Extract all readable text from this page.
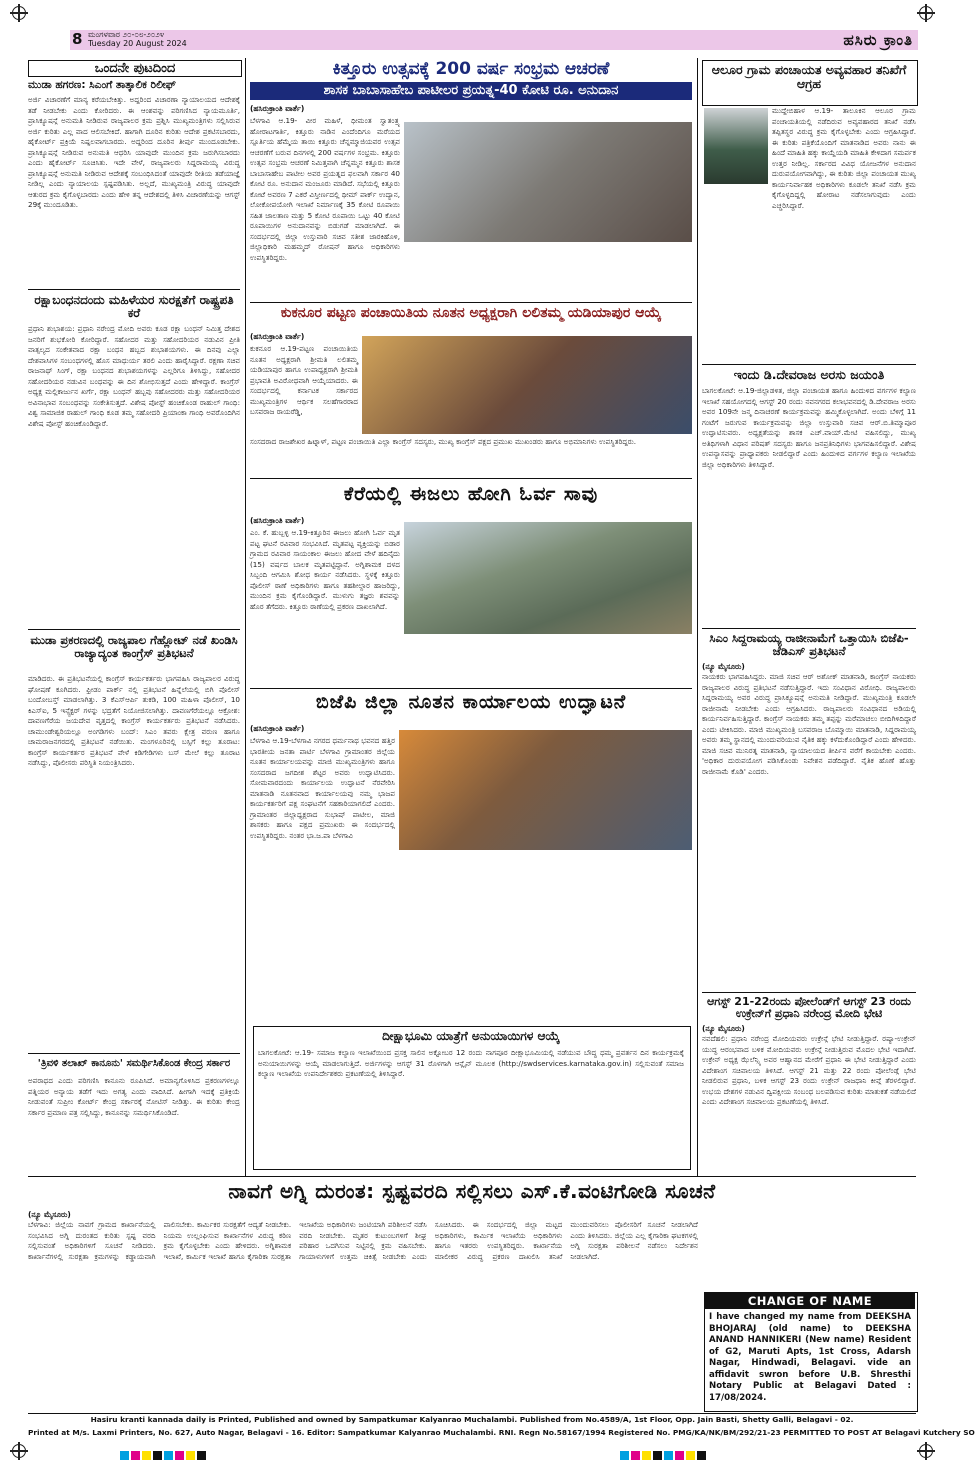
8 ಮಂಗಳವಾರ ೨೦-೦೮-೨೦೨೪
Tuesday 20 August 2024	ಹಸಿರು ಕ್ರಾಂತಿ
ಒಂದನೇ ಪುಟದಿಂದ
ಮುಡಾ ಹಗರಣ: ಸಿಎಂಗೆ ತಾತ್ಕಾಲಿಕ ರಿಲೀಫ್
ಅರ್ಜಿ ವಿಚಾರಣೆಗೆ ಮಾನ್ಯ ಕರೆಯಬೇಕಿತ್ತು. ಅದ್ದರಿಂದ ವಿಚಾರಣಾ ನ್ಯಾಯಾಲಯದ ಆದೇಶಕ್ಕೆ ತಡೆ ನೀಡಬೇಕು ಎಂದು ಕೋರಿದರು. ಈ ಆಂಶವನ್ನು ಪರಿಗಣಿಸಿದ ನ್ಯಾಯಮೂರ್ತಿ, ಪ್ರಾಸಿಕ್ಯೂಷನ್ಗೆ ಅನುಮತಿ ನೀಡಿರುವ ರಾಜ್ಯಪಾಲರ ಕ್ರಮ ಪ್ರಶ್ನಿಸಿ ಮುಖ್ಯಮಂತ್ರಿಗಳು ಸಲ್ಲಿಸಿರುವ ಅರ್ಜಿ ಕುರಿತು ಎಲ್ಲ ವಾದ ಆಲಿಸಬೇಕಿದೆ. ಹಾಗಾಗಿ ದೂರಿನ ಕುರಿತು ಆದೇಶ ಪ್ರಕಟಿಸಬಾರದು, ಹೈಕೋರ್ಟ್ ಪ್ರಕ್ರಿಯೆ ನಿಷ್ಪಲವಾಗಬಾರದು. ಅದ್ದರಿಂದ ದೂರಿನ ತೀರ್ಪು ಮುಂದೂಡಬೇಕು. ಪ್ರಾಸಿಕ್ಯೂಷನ್ಗೆ ನೀಡಿರುವ ಅನುಮತಿ ಆಧರಿಸಿ ಯಾವುದೇ ಮುಂದಿನ ಕ್ರಮ ಜರುಗಿಸಬಾರದು ಎಂದು ಹೈಕೋರ್ಟ್ ಸೂಚಿಸಿತು. ಇದೇ ವೇಳೆ, ರಾಜ್ಯಪಾಲರು ಸಿದ್ದರಾಮಯ್ಯ ವಿರುದ್ಧ ಪ್ರಾಸಿಕ್ಯೂಷನ್ಗೆ ಅನುಮತಿ ನೀಡಿರುವ ಆದೇಶಕ್ಕೆ ಸಂಬಂಧಿಸಿದಂತೆ ಯಾವುದೇ ರೀತಿಯ ತಡೆಯಾಜ್ಞೆ ನೀಡಿಲ್ಲ ಎಂದು ನ್ಯಾಯಾಲಯ ಸ್ಪಷ್ಟಪಡಿಸಿತು. ಅಲ್ಲದೆ, ಮುಖ್ಯಮಂತ್ರಿ ವಿರುದ್ಧ ಯಾವುದೇ ಆತುರದ ಕ್ರಮ ಕೈಗೊಳ್ಳಬಾರದು ಎಂದು ಹೇಳಿ ತನ್ನ ಆದೇಶದಲ್ಲಿ ತಿಳಿಸಿ ವಿಚಾರಣೆಯನ್ನು ಆಗಸ್ಟ್ 29ಕ್ಕೆ ಮುಂದೂಡಿತು.
ರಕ್ಷಾಬಂಧನದಂದು ಮಹಿಳೆಯರ ಸುರಕ್ಷತೆಗೆ ರಾಷ್ಟ್ರಪತಿ ಕರೆ
ಪ್ರಧಾನಿ ಶುಭಾಶಯ: ಪ್ರಧಾನಿ ನರೇಂದ್ರ ಮೋದಿ ಅವರು ಕೂಡ ರಕ್ಷಾ ಬಂಧನ್ ನಿಮಿತ್ತ ದೇಶದ ಜನರಿಗೆ ಶುಭಕೋರಿ ಕೋರಿದ್ದಾರೆ. ಸಹೋದರ ಮತ್ತು ಸಹೋದರಿಯರ ನಡುವಿನ ಪ್ರೀತಿ ವಾತ್ಸಲ್ಯದ ಸಂಕೇತವಾದ ರಕ್ಷಾ ಬಂಧನ ಹಬ್ಬದ ಶುಭಾಶಯಗಳು. ಈ ದಿನವು ಎಲ್ಲಾ ದೇಶವಾಸಿಗಳ ಸಂಬಂಧಗಳಲ್ಲಿ ಹೊಸ ಮಾಧುರ್ಯ ತರಲಿ ಎಂದು ಹಾರೈಸಿದ್ದಾರೆ. ರಕ್ಷಣಾ ಸಚಿವ ರಾಜನಾಥ್ ಸಿಂಗ್, ರಕ್ಷಾ ಬಂಧನದ ಶುಭಾಶಯಗಳನ್ನು ಎಲ್ಲರಿಗೂ ತಿಳಿಸಿದ್ದು, ಸಹೋದರ ಸಹೋದರಿಯರ ನಡುವಿನ ಬಂಧವನ್ನು ಈ ದಿನ ಶೋಭಿಸುತ್ತದೆ ಎಂದು ಹೇಳಿದ್ದಾರೆ. ಕಾಂಗ್ರೆಸ್ ಅಧ್ಯಕ್ಷ ಮಲ್ಲಿಕಾರ್ಜುನ ಖರ್ಗೆ, ರಕ್ಷಾ ಬಂಧನ್ ಹಬ್ಬವು ಸಹೋದರರು ಮತ್ತು ಸಹೋದರಿಯರ ಅವಿನಾಭಾವ ಸಂಬಂಧವನ್ನು ಸಂಕೇತಿಸುತ್ತದೆ. ವಿಶೇಷ ಪೋಸ್ಟ್ ಹಂಚಿಕೊಂಡ ರಾಹುಲ್ ಗಾಂಧಿ: ವಿಶ್ವ ಸಾಮಾಜಿಕ ರಾಹುಲ್ ಗಾಂಧಿ ಕೂಡ ತಮ್ಮ ಸಹೋದರಿ ಪ್ರಿಯಾಂಕಾ ಗಾಂಧಿ ಅವರೊಂದಿಗಿನ ವಿಶೇಷ ಪೋಸ್ಟ್ ಹಂಚಿಕೊಂಡಿದ್ದಾರೆ.
ಮುಡಾ ಪ್ರಕರಣದಲ್ಲಿ ರಾಜ್ಯಪಾಲ ಗೆಹ್ಲೋಟ್ ನಡೆ ಖಂಡಿಸಿ ರಾಜ್ಯಾದ್ಯಂತ ಕಾಂಗ್ರೆಸ್ ಪ್ರತಿಭಟನೆ
ಮಾಡಿದರು. ಈ ಪ್ರತಿಭಟನೆಯಲ್ಲಿ ಕಾಂಗ್ರೆಸ್ ಕಾರ್ಯಕರ್ತರು ಭಾಗವಹಿಸಿ ರಾಜ್ಯಪಾಲರ ವಿರುದ್ಧ ಘೋಷಣೆ ಕೂಗಿದರು. ಫ್ರೀಡಂ ಪಾರ್ಕ್ ನಲ್ಲಿ ಪ್ರತಿಭಟನೆ ಹಿನ್ನೆಲೆಯಲ್ಲಿ ಬಿಗಿ ಪೊಲೀಸ್ ಬಂದೋಬಸ್ತ್ ಮಾಡಲಾಗಿತ್ತು. 3 ಕೆಎಸ್ಆರ್ಪಿ ತುಕಡಿ, 100 ಮಹಿಳಾ ಪೊಲೀಸ್, 10 ಕಿಎಸ್ಐ, 5 ಇನ್ಸ್ಪೆಕ್ಟರ್ ಗಳನ್ನು ಭದ್ರತೆಗೆ ನಿಯೋಜಿಸಲಾಗಿತ್ತು. ದಾವಣಗೆರೆಯಲ್ಲೂ ಆಕ್ರೋಶ: ದಾವಣಗೆರೆಯ ಜಯದೇವ ವೃತ್ತದಲ್ಲಿ ಕಾಂಗ್ರೆಸ್ ಕಾರ್ಯಕರ್ತರು ಪ್ರತಿಭಟನೆ ನಡೆಸಿದರು. ಚಾಮುಂಡೇಶ್ವರಿಯಲ್ಲೂ ಅಂಗಡಿಗಳು ಬಂದ್: ಸಿಎಂ ತವರು ಕ್ಷೇತ್ರ ವರುಣ ಹಾಗೂ ಚಾಮರಾಜನಗರದಲ್ಲಿ ಪ್ರತಿಭಟನೆ ನಡೆಯಿತು. ಮಂಗಳೂರಿನಲ್ಲಿ ಬಸ್ಸಿಗೆ ಕಲ್ಲು ತೂರಾಟ: ಕಾಂಗ್ರೆಸ್ ಕಾರ್ಯಕರ್ತರ ಪ್ರತಿಭಟನೆ ವೇಳೆ ಕಿಡಿಗೇಡಿಗಳು ಬಸ್ ಮೇಲೆ ಕಲ್ಲು ತೂರಾಟ ನಡೆಸಿದ್ದು, ಪೊಲೀಸರು ಪರಿಸ್ಥಿತಿ ನಿಯಂತ್ರಿಸಿದರು.
'ತ್ರಿವಳಿ ತಲಾಖ್ ಕಾನೂನು' ಸಮರ್ಥಿಸಿಕೊಂಡ ಕೇಂದ್ರ ಸರ್ಕಾರ
ಅಪರಾಧದ ಎಂದು ಪರಿಗಣಿಸಿ ಕಾನೂನು ರೂಪಿಸಿದೆ. ಅಮಾನ್ಯಗೊಳಿಸಿದ ಪ್ರಕರಣಗಳಲ್ಲೂ ಪತ್ನಿಯರ ಅನ್ಯಾಯ ತಡೆಗೆ ಇದು ಅಗತ್ಯ ಎಂದು ವಾದಿಸಿದೆ. ಹೀಗಾಗಿ ಇದಕ್ಕೆ ಪ್ರತಿಕ್ರಿಯೆ ನೀಡುವಂತೆ ಸುಪ್ರೀಂ ಕೋರ್ಟ್ ಕೇಂದ್ರ ಸರ್ಕಾರಕ್ಕೆ ನೋಟಿಸ್ ನೀಡಿತ್ತು. ಈ ಕುರಿತು ಕೇಂದ್ರ ಸರ್ಕಾರ ಪ್ರಮಾಣ ಪತ್ರ ಸಲ್ಲಿಸಿದ್ದು, ಕಾನೂನನ್ನು ಸಮರ್ಥಿಸಿಕೊಂಡಿದೆ.
ಕಿತ್ತೂರು ಉತ್ಸವಕ್ಕೆ 200 ವರ್ಷ ಸಂಭ್ರಮ ಆಚರಣೆ
ಶಾಸಕ ಬಾಬಾಸಾಹೇಬ ಪಾಟೀಲರ ಪ್ರಯತ್ನ-40 ಕೋಟಿ ರೂ. ಅನುದಾನ
(ಹಸಿರುಕ್ರಾಂತಿ ವಾರ್ತೆ)
ಬೆಳಗಾವಿ ಆ.19- ವೀರ ಮಹಿಳೆ, ಧೀಮಂತ ಸ್ವಾತಂತ್ರ್ಯ ಹೋರಾಟಗಾರ್ತಿ, ಕಿತ್ತೂರು ನಾಡಿನ ಎಂದೆಂದಿಗೂ ಮರೆಯದ ಸ್ಪೂರ್ತಿಯ ಹೆಮ್ಮೆಯ ತಾಯಿ ಕಿತ್ತೂರು ಚೆನ್ನಮ್ಮಾಜಿಯವರ ಉತ್ಸವ ಆಚರಣೆಗೆ ಬರುವ ದಿನಗಳಲ್ಲಿ 200 ವರ್ಷಗಳ ಸಂಭ್ರಮ. ಕಿತ್ತೂರು ಉತ್ಸವ ಸಂಭ್ರಮ ಆಚರಣೆ ನಿಮಿತ್ತವಾಗಿ ಚೆನ್ನಮ್ಮನ ಕಿತ್ತೂರು ಶಾಸಕ ಬಾಬಾಸಾಹೇಬ ಪಾಟೀಲ ಅವರ ಪ್ರಯತ್ನದ ಫಲವಾಗಿ ಸರ್ಕಾರ 40 ಕೋಟಿ ರೂ. ಅನುದಾನ ಮಂಜೂರು ಮಾಡಿದೆ. ಸಭೆಯಲ್ಲಿ ಕಿತ್ತೂರು ಕೋಟೆ ಅವರಣ 7 ಎಕರೆ ವಿಸ್ತೀರ್ಣದಲ್ಲಿ ಥೀಮ್ ಪಾರ್ಕ್ ಉದ್ಯಾನ, ಲೋಕೋಪಯೋಗಿ ಇಲಾಖೆ ನಿರ್ಮಾಣಕ್ಕೆ 35 ಕೋಟಿ ರೂಪಾಯಿ ಸಹಿತ ಜಾಲತಾಣ ಮತ್ತು 5 ಕೋಟಿ ರೂಪಾಯಿ ಒಟ್ಟು 40 ಕೋಟಿ ರೂಪಾಯಿಗಳ ಅನುದಾನವನ್ನು ಬಿಡುಗಡೆ ಮಾಡಲಾಗಿದೆ. ಈ ಸಂದರ್ಭದಲ್ಲಿ ಜಿಲ್ಲಾ ಉಸ್ತುವಾರಿ ಸಚಿವ ಸತೀಶ ಜಾರಕಿಹೊಳಿ, ಜಿಲ್ಲಾಧಿಕಾರಿ ಮಹಮ್ಮದ್ ರೋಷನ್ ಹಾಗೂ ಅಧಿಕಾರಿಗಳು ಉಪಸ್ಥಿತರಿದ್ದರು.
ಕುಕನೂರ ಪಟ್ಟಣ ಪಂಚಾಯಿತಿಯ ನೂತನ ಅಧ್ಯಕ್ಷರಾಗಿ ಲಲಿತಮ್ಮ ಯಡಿಯಾಪುರ ಆಯ್ಕೆ
(ಹಸಿರುಕ್ರಾಂತಿ ವಾರ್ತೆ)
ಕುಕನೂರ ಆ.19-ಪಟ್ಟಣ ಪಂಚಾಯಿತಿಯ ನೂತನ ಅಧ್ಯಕ್ಷರಾಗಿ ಶ್ರೀಮತಿ ಲಲಿತಮ್ಮ ಯಡಿಯಾಪುರ ಹಾಗೂ ಉಪಾಧ್ಯಕ್ಷರಾಗಿ ಶ್ರೀಮತಿ ಪ್ರಭಾವತಿ ಅವಿರೋಧವಾಗಿ ಆಯ್ಕೆಯಾದರು. ಈ ಸಂದರ್ಭದಲ್ಲಿ ಕರ್ನಾಟಕ ಸರ್ಕಾರದ ಮುಖ್ಯಮಂತ್ರಿಗಳ ಆರ್ಥಿಕ ಸಲಹೆಗಾರರಾದ ಬಸವರಾಜ ರಾಯರೆಡ್ಡಿ,
ಸಂಸದರಾದ ರಾಜಶೇಖರ ಹಿಟ್ನಾಳ್, ಪಟ್ಟಣ ಪಂಚಾಯಿತಿ ಎಲ್ಲಾ ಕಾಂಗ್ರೆಸ್ ಸದಸ್ಯರು, ಮುಖ್ಯ ಕಾಂಗ್ರೆಸ್ ಪಕ್ಷದ ಪ್ರಮುಖ ಮುಖಂಡರು ಹಾಗೂ ಅಭಿಮಾನಿಗಳು ಉಪಸ್ಥಿತರಿದ್ದರು.
ಕೆರೆಯಲ್ಲಿ ಈಜಲು ಹೋಗಿ ಓರ್ವ ಸಾವು
(ಹಸಿರುಕ್ರಾಂತಿ ವಾರ್ತೆ)
ಎಂ. ಕೆ. ಹುಬ್ಬಳ್ಳಿ ಆ.19-ಕಿತ್ತೂರಿನ ಈಜಲು ಹೋಗಿ ಓರ್ವ ಮೃತ ಪಟ್ಟ ಘಟನೆ ರವಿವಾರ ಸಂಭವಿಸಿದೆ. ಮೃತಪಟ್ಟ ವ್ಯಕ್ತಿಯನ್ನು ಬಿಡಾರ ಗ್ರಾಮದ ರವಿವಾರ ಸಾಯಂಕಾಲ ಈಜಲು ಹೋದ ವೇಳೆ ಹದಿನೈದು (15) ವರ್ಷದ ಬಾಲಕ ಮೃತಪಟ್ಟಿದ್ದಾನೆ. ಅಗ್ನಿಶಾಮಕ ದಳದ ಸಿಬ್ಬಂದಿ ಆಗಮಿಸಿ ಶೋಧ ಕಾರ್ಯ ನಡೆಸಿದರು. ಸ್ಥಳಕ್ಕೆ ಕಿತ್ತೂರು ಪೊಲೀಸ್ ಠಾಣೆ ಅಧಿಕಾರಿಗಳು ಹಾಗೂ ತಹಶೀಲ್ದಾರ ಹಾಜರಿದ್ದು, ಮುಂದಿನ ಕ್ರಮ ಕೈಗೊಂಡಿದ್ದಾರೆ. ಮುಳುಗು ತಜ್ಞರು ಶವವನ್ನು ಹೊರ ತೆಗೆದರು. ಕಿತ್ತೂರು ಠಾಣೆಯಲ್ಲಿ ಪ್ರಕರಣ ದಾಖಲಾಗಿದೆ.
ಬಿಜೆಪಿ ಜಿಲ್ಲಾ ನೂತನ ಕಾರ್ಯಾಲಯ ಉದ್ಘಾಟನೆ
(ಹಸಿರುಕ್ರಾಂತಿ ವಾರ್ತೆ)
ಬೆಳಗಾವಿ ಆ.19-ಬೆಳಗಾವಿ ನಗರದ ಧರ್ಮನಾಥ ಭವನದ ಹತ್ತಿರ ಭಾರತೀಯ ಜನತಾ ಪಾರ್ಟಿ ಬೆಳಗಾವಿ ಗ್ರಾಮಾಂತರ ಜಿಲ್ಲೆಯ ನೂತನ ಕಾರ್ಯಾಲಯವನ್ನು ಮಾಜಿ ಮುಖ್ಯಮಂತ್ರಿಗಳು ಹಾಗೂ ಸಂಸದರಾದ ಜಗದೀಶ ಶೆಟ್ಟರ ಅವರು ಉದ್ಘಾಟಿಸಿದರು. ಸೋಮವಾರದಂದು ಕಾರ್ಯಾಲಯ ಉದ್ಘಾಟನೆ ನೆರವೇರಿಸಿ ಮಾತನಾಡಿ ನೂತನವಾದ ಕಾರ್ಯಾಲಯವು ನಮ್ಮ ಭಾಜಪ ಕಾರ್ಯಕರ್ತರಿಗೆ ಪಕ್ಷ ಸಂಘಟನೆಗೆ ಸಹಕಾರಿಯಾಗಲಿದೆ ಎಂದರು. ಗ್ರಾಮಾಂತರ ಜಿಲ್ಲಾಧ್ಯಕ್ಷರಾದ ಸುಭಾಷ್ ಪಾಟೀಲ, ಮಾಜಿ ಶಾಸಕರು ಹಾಗೂ ಪಕ್ಷದ ಪ್ರಮುಖರು ಈ ಸಂದರ್ಭದಲ್ಲಿ ಉಪಸ್ಥಿತರಿದ್ದರು. ನಂತರ ಭಾ.ಜ.ಪಾ ಬೆಳಗಾವಿ
ದೀಕ್ಷಾಭೂಮಿ ಯಾತ್ರೆಗೆ ಅನುಯಾಯಿಗಳ ಆಯ್ಕೆ
ಬಾಗಲಕೋಟೆ: ಆ.19- ಸಮಾಜ ಕಲ್ಯಾಣ ಇಲಾಖೆಯಿಂದ ಪ್ರಸಕ್ತ ಸಾಲಿನ ಅಕ್ಟೋಬರ 12 ರಂದು ನಾಗಪೂರ ದೀಕ್ಷಾಭೂಮಿಯಲ್ಲಿ ನಡೆಯುವ ಬೌದ್ಧ ಧಮ್ಮ ಪ್ರವರ್ತನ ದಿನ ಕಾರ್ಯಕ್ರಮಕ್ಕೆ ಅನುಯಾಯಿಗಳನ್ನು ಆಯ್ಕೆ ಮಾಡಲಾಗುತ್ತಿದೆ. ಅರ್ಜಿಗಳನ್ನು ಆಗಸ್ಟ್ 31 ರೊಳಗಾಗಿ ಆನ್ಲೈನ್ ಮೂಲಕ (http://swdservices.karnataka.gov.in) ಸಲ್ಲಿಸುವಂತೆ ಸಮಾಜ ಕಲ್ಯಾಣ ಇಲಾಖೆಯ ಉಪನಿರ್ದೇಶಕರು ಪ್ರಕಟಣೆಯಲ್ಲಿ ತಿಳಿಸಿದ್ದಾರೆ.
ಆಲೂರ ಗ್ರಾಮ ಪಂಚಾಯತ ಅವ್ಯವಹಾರ ತನಿಖೆಗೆ ಆಗ್ರಹ
ಮುದ್ದೇಬಿಹಾಳ ಆ.19- ತಾಲೂಕಿನ ಆಲೂರ ಗ್ರಾಮ ಪಂಚಾಯತಿಯಲ್ಲಿ ನಡೆದಿರುವ ಅವ್ಯವಹಾರದ ತನಿಖೆ ನಡೆಸಿ ತಪ್ಪಿತಸ್ಥರ ವಿರುದ್ಧ ಕ್ರಮ ಕೈಗೊಳ್ಳಬೇಕು ಎಂದು ಆಗ್ರಹಿಸಿದ್ದಾರೆ. ಈ ಕುರಿತು ಪತ್ರಿಕೆಯೊಂದಿಗೆ ಮಾತನಾಡಿದ ಅವರು ನಾನು ಈ ಹಿಂದೆ ಮಾಹಿತಿ ಹಕ್ಕು ಕಾಯ್ದೆಯಡಿ ಮಾಹಿತಿ ಕೇಳಿದಾಗ ಸಮರ್ಪಕ ಉತ್ತರ ನೀಡಿಲ್ಲ. ಸರ್ಕಾರದ ವಿವಿಧ ಯೋಜನೆಗಳ ಅನುದಾನ ದುರುಪಯೋಗವಾಗಿದ್ದು, ಈ ಕುರಿತು ಜಿಲ್ಲಾ ಪಂಚಾಯತ ಮುಖ್ಯ ಕಾರ್ಯನಿರ್ವಾಹಕ ಅಧಿಕಾರಿಗಳು ಕೂಡಲೇ ತನಿಖೆ ನಡೆಸಿ ಕ್ರಮ ಕೈಗೊಳ್ಳದಿದ್ದಲ್ಲಿ ಹೋರಾಟ ನಡೆಸಲಾಗುವುದು ಎಂದು ಎಚ್ಚರಿಸಿದ್ದಾರೆ.
ಇಂದು ಡಿ.ದೇವರಾಜ ಅರಸು ಜಯಂತಿ
ಬಾಗಲಕೋಟೆ: ಆ.19-ಜಿಲ್ಲಾಡಳಿತ, ಜಿಲ್ಲಾ ಪಂಚಾಯತ ಹಾಗೂ ಹಿಂದುಳಿದ ವರ್ಗಗಳ ಕಲ್ಯಾಣ ಇಲಾಖೆ ಸಹಯೋಗದಲ್ಲಿ ಆಗಸ್ಟ್ 20 ರಂದು ನವನಗರದ ಕಲಾಭವನದಲ್ಲಿ ಡಿ.ದೇವರಾಜ ಅರಸು ಅವರ 109ನೇ ಜನ್ಮ ದಿನಾಚರಣೆ ಕಾರ್ಯಕ್ರಮವನ್ನು ಹಮ್ಮಿಕೊಳ್ಳಲಾಗಿದೆ. ಅಂದು ಬೆಳಿಗ್ಗೆ 11 ಗಂಟೆಗೆ ಜರುಗುವ ಕಾರ್ಯಕ್ರಮವನ್ನು ಜಿಲ್ಲಾ ಉಸ್ತುವಾರಿ ಸಚಿವ ಆರ್.ಬಿ.ತಿಮ್ಮಾಪೂರ ಉದ್ಘಾಟಿಸುವರು. ಅಧ್ಯಕ್ಷತೆಯನ್ನು ಶಾಸಕ ಎಚ್.ವಾಯ್.ಮೇಟಿ ವಹಿಸಲಿದ್ದು, ಮುಖ್ಯ ಅತಿಥಿಗಳಾಗಿ ವಿಧಾನ ಪರಿಷತ್ ಸದಸ್ಯರು ಹಾಗೂ ಜನಪ್ರತಿನಿಧಿಗಳು ಭಾಗವಹಿಸಲಿದ್ದಾರೆ. ವಿಶೇಷ ಉಪನ್ಯಾಸವನ್ನು ಪ್ರಾಧ್ಯಾಪಕರು ನೀಡಲಿದ್ದಾರೆ ಎಂದು ಹಿಂದುಳಿದ ವರ್ಗಗಳ ಕಲ್ಯಾಣ ಇಲಾಖೆಯ ಜಿಲ್ಲಾ ಅಧಿಕಾರಿಗಳು ತಿಳಿಸಿದ್ದಾರೆ.
ಸಿಎಂ ಸಿದ್ದರಾಮಯ್ಯ ರಾಜೀನಾಮೆಗೆ ಒತ್ತಾಯಿಸಿ ಬಿಜೆಪಿ-ಜೆಡಿಎಸ್ ಪ್ರತಿಭಟನೆ
(ನ್ಯೂ ಮೈಸೂರು)
ನಾಯಕರು ಭಾಗವಹಿಸಿದ್ದರು. ಮಾಜಿ ಸಚಿವ ಆರ್ ಅಶೋಕ್ ಮಾತನಾಡಿ, ಕಾಂಗ್ರೆಸ್ ನಾಯಕರು ರಾಜ್ಯಪಾಲರ ವಿರುದ್ಧ ಪ್ರತಿಭಟನೆ ನಡೆಸುತ್ತಿದ್ದಾರೆ. ಇದು ಸಂವಿಧಾನ ವಿರೋಧಿ. ರಾಜ್ಯಪಾಲರು ಸಿದ್ದರಾಮಯ್ಯ ಅವರ ವಿರುದ್ಧ ಪ್ರಾಸಿಕ್ಯೂಷನ್ಗೆ ಅನುಮತಿ ನೀಡಿದ್ದಾರೆ. ಮುಖ್ಯಮಂತ್ರಿ ಕೂಡಲೇ ರಾಜೀನಾಮೆ ನೀಡಬೇಕು ಎಂದು ಆಗ್ರಹಿಸಿದರು. ರಾಜ್ಯಪಾಲರು ಸಂವಿಧಾನದ ಅಡಿಯಲ್ಲಿ ಕಾರ್ಯನಿರ್ವಹಿಸುತ್ತಿದ್ದಾರೆ. ಕಾಂಗ್ರೆಸ್ ನಾಯಕರು ತಮ್ಮ ತಪ್ಪನ್ನು ಮರೆಮಾಚಲು ಬೀದಿಗಿಳಿದಿದ್ದಾರೆ ಎಂದು ಟೀಕಿಸಿದರು. ಮಾಜಿ ಮುಖ್ಯಮಂತ್ರಿ ಬಸವರಾಜ ಬೊಮ್ಮಾಯಿ ಮಾತನಾಡಿ, ಸಿದ್ದರಾಮಯ್ಯ ಅವರು ತಮ್ಮ ಸ್ಥಾನದಲ್ಲಿ ಮುಂದುವರಿಯುವ ನೈತಿಕ ಹಕ್ಕು ಕಳೆದುಕೊಂಡಿದ್ದಾರೆ ಎಂದು ಹೇಳಿದರು. ಮಾಜಿ ಸಚಿವ ಮುನಿರತ್ನ ಮಾತನಾಡಿ, ನ್ಯಾಯಾಲಯದ ತೀರ್ಪಿನ ವರೆಗೆ ಕಾಯಬೇಕು ಎಂದರು. 'ಅಧಿಕಾರ ದುರುಪಯೋಗ ಪಡಿಸಿಕೊಂಡು ನಿವೇಶನ ಪಡೆದಿದ್ದಾರೆ. ನೈತಿಕ ಹೊಣೆ ಹೊತ್ತು ರಾಜೀನಾಮೆ ಕೊಡಿ' ಎಂದರು.
ಆಗಸ್ಟ್ 21-22ರಂದು ಪೋಲೆಂಡ್‌ಗೆ ಆಗಸ್ಟ್ 23 ರಂದು ಉಕ್ರೇನ್‌ಗೆ ಪ್ರಧಾನಿ ನರೇಂದ್ರ ಮೋದಿ ಭೇಟಿ
(ನ್ಯೂ ಮೈಸೂರು)
ನವದೆಹಲಿ: ಪ್ರಧಾನಿ ನರೇಂದ್ರ ಮೋದಿಯವರು ಉಕ್ರೇನ್ಗೆ ಭೇಟಿ ನೀಡುತ್ತಿದ್ದಾರೆ. ರಷ್ಯಾ-ಉಕ್ರೇನ್ ಯುದ್ಧ ಆರಂಭವಾದ ಬಳಿಕ ಮೋದಿಯವರು ಉಕ್ರೇನ್ಗೆ ನೀಡುತ್ತಿರುವ ಮೊದಲ ಭೇಟಿ ಇದಾಗಿದೆ. ಉಕ್ರೇನ್ ಅಧ್ಯಕ್ಷ ಝೆಲೆನ್ಸ್ಕಿ ಅವರ ಆಹ್ವಾನದ ಮೇರೆಗೆ ಪ್ರಧಾನಿ ಈ ಭೇಟಿ ನೀಡುತ್ತಿದ್ದಾರೆ ಎಂದು ವಿದೇಶಾಂಗ ಸಚಿವಾಲಯ ತಿಳಿಸಿದೆ. ಆಗಸ್ಟ್ 21 ಮತ್ತು 22 ರಂದು ಪೋಲೆಂಡ್ಗೆ ಭೇಟಿ ನೀಡಲಿರುವ ಪ್ರಧಾನಿ, ಬಳಿಕ ಆಗಸ್ಟ್ 23 ರಂದು ಉಕ್ರೇನ್ ರಾಜಧಾನಿ ಕೀವ್ಗೆ ತೆರಳಲಿದ್ದಾರೆ. ಉಭಯ ದೇಶಗಳ ನಡುವಿನ ದ್ವಿಪಕ್ಷೀಯ ಸಂಬಂಧ ಬಲಪಡಿಸುವ ಕುರಿತು ಮಾತುಕತೆ ನಡೆಯಲಿದೆ ಎಂದು ವಿದೇಶಾಂಗ ಸಚಿವಾಲಯ ಪ್ರಕಟಣೆಯಲ್ಲಿ ತಿಳಿಸಿದೆ.
ನಾವಗೆ ಅಗ್ನಿ ದುರಂತ: ಸ್ಪಷ್ಟವರದಿ ಸಲ್ಲಿಸಲು ಎಸ್.ಕೆ.ವಂಟಿಗೋಡಿ ಸೂಚನೆ
(ನ್ಯೂ ಮೈಸೂರು)
ಬೆಳಗಾವಿ: ಜಿಲ್ಲೆಯ ನಾವಗೆ ಗ್ರಾಮದ ಕಾರ್ಖಾನೆಯಲ್ಲಿ ಸಂಭವಿಸಿದ ಅಗ್ನಿ ದುರಂತದ ಕುರಿತು ಸ್ಪಷ್ಟ ವರದಿ ಸಲ್ಲಿಸುವಂತೆ ಅಧಿಕಾರಿಗಳಿಗೆ ಸೂಚನೆ ನೀಡಿದರು. ಕಾರ್ಖಾನೆಗಳಲ್ಲಿ ಸುರಕ್ಷತಾ ಕ್ರಮಗಳನ್ನು ಕಡ್ಡಾಯವಾಗಿ ಪಾಲಿಸಬೇಕು. ಕಾರ್ಮಿಕರ ಸುರಕ್ಷತೆಗೆ ಆದ್ಯತೆ ನೀಡಬೇಕು. ನಿಯಮ ಉಲ್ಲಂಘಿಸುವ ಕಾರ್ಖಾನೆಗಳ ವಿರುದ್ಧ ಕಠಿಣ ಕ್ರಮ ಕೈಗೊಳ್ಳಬೇಕು ಎಂದು ಹೇಳಿದರು. ಅಗ್ನಿಶಾಮಕ ಇಲಾಖೆ, ಕಾರ್ಮಿಕ ಇಲಾಖೆ ಹಾಗೂ ಕೈಗಾರಿಕಾ ಸುರಕ್ಷತಾ ಇಲಾಖೆಯ ಅಧಿಕಾರಿಗಳು ಜಂಟಿಯಾಗಿ ಪರಿಶೀಲನೆ ನಡೆಸಿ ವರದಿ ನೀಡಬೇಕು. ಮೃತರ ಕುಟುಂಬಗಳಿಗೆ ಶೀಘ್ರ ಪರಿಹಾರ ಒದಗಿಸುವ ನಿಟ್ಟಿನಲ್ಲಿ ಕ್ರಮ ವಹಿಸಬೇಕು. ಗಾಯಾಳುಗಳಿಗೆ ಉತ್ತಮ ಚಿಕಿತ್ಸೆ ನೀಡಬೇಕು ಎಂದು ಸೂಚಿಸಿದರು. ಈ ಸಂದರ್ಭದಲ್ಲಿ ಜಿಲ್ಲಾ ಮಟ್ಟದ ಅಧಿಕಾರಿಗಳು, ಕಾರ್ಮಿಕ ಇಲಾಖೆಯ ಅಧಿಕಾರಿಗಳು ಹಾಗೂ ಇತರರು ಉಪಸ್ಥಿತರಿದ್ದರು. ಕಾರ್ಖಾನೆಯ ಮಾಲೀಕರ ವಿರುದ್ಧ ಪ್ರಕರಣ ದಾಖಲಿಸಿ ತನಿಖೆ ಮುಂದುವರಿಸಲು ಪೊಲೀಸರಿಗೆ ಸೂಚನೆ ನೀಡಲಾಗಿದೆ ಎಂದು ತಿಳಿಸಿದರು. ಜಿಲ್ಲೆಯ ಎಲ್ಲ ಕೈಗಾರಿಕಾ ಘಟಕಗಳಲ್ಲಿ ಅಗ್ನಿ ಸುರಕ್ಷತಾ ಪರಿಶೀಲನೆ ನಡೆಸಲು ನಿರ್ದೇಶನ ನೀಡಲಾಗಿದೆ.
CHANGE OF NAME
I have changed my name from DEEKSHA BHOJARAJ (old name) to DEEKSHA ANAND HANNIKERI (New name) Resident of G2, Maruti Apts, 1st Cross, Adarsh Nagar, Hindwadi, Belagavi. vide an affidavit swron before U.B. Shresthi Notary Public at Belagavi Dated : 17/08/2024.
Hasiru kranti kannada daily is Printed, Published and owned by Sampatkumar Kalyanrao Muchalambi. Published from No.4589/A, 1st Floor, Opp. Jain Basti, Shetty Galli, Belagavi - 02.
Printed at M/s. Laxmi Printers, No. 627, Auto Nagar, Belagavi - 16. Editor: Sampatkumar Kalyanrao Muchalambi. RNI. Regn No.58167/1994 Registered No. PMG/KA/NK/BM/292/21-23 PERMITTED TO POST AT Belagavi Kutchery SO
